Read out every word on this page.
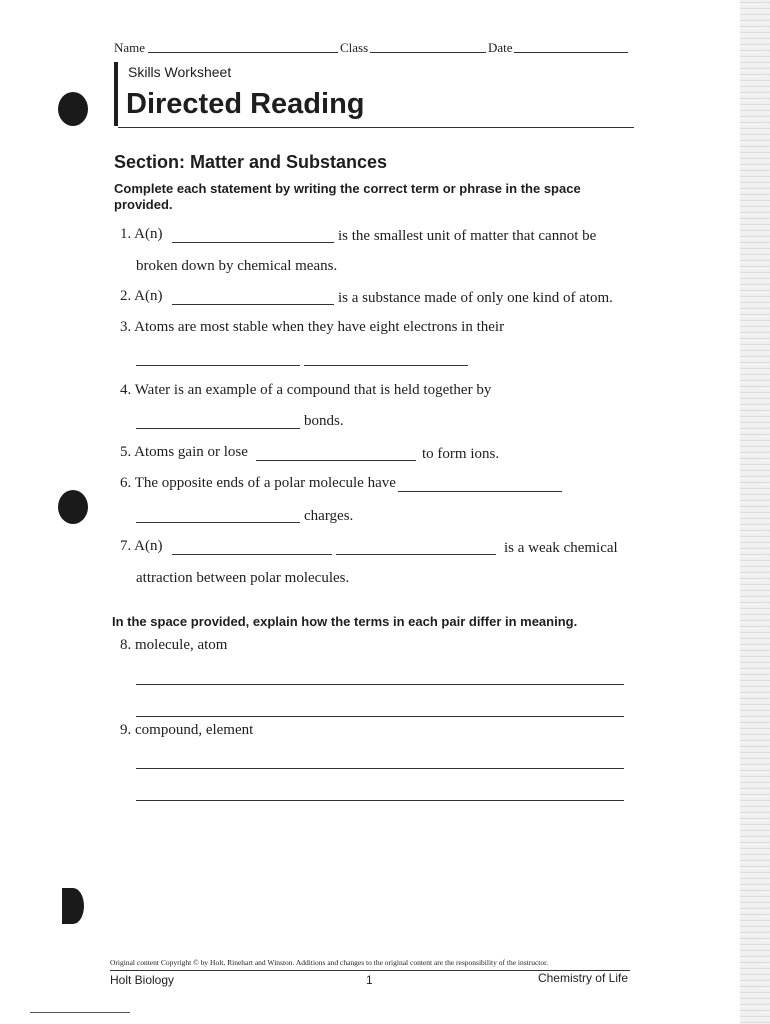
Name	Class	Date
Skills Worksheet
Directed Reading
Section: Matter and Substances
Complete each statement by writing the correct term or phrase in the space provided.
1. A(n)	is the smallest unit of matter that cannot be
broken down by chemical means.
2. A(n)	is a substance made of only one kind of atom.
3. Atoms are most stable when they have eight electrons in their
4. Water is an example of a compound that is held together by
bonds.
5. Atoms gain or lose	to form ions.
6. The opposite ends of a polar molecule have
charges.
7. A(n)	is a weak chemical
attraction between polar molecules.
In the space provided, explain how the terms in each pair differ in meaning.
8. molecule, atom
9. compound, element
Original content Copyright © by Holt, Rinehart and Winston. Additions and changes to the original content are the responsibility of the instructor.
Holt Biology	1	Chemistry of Life
